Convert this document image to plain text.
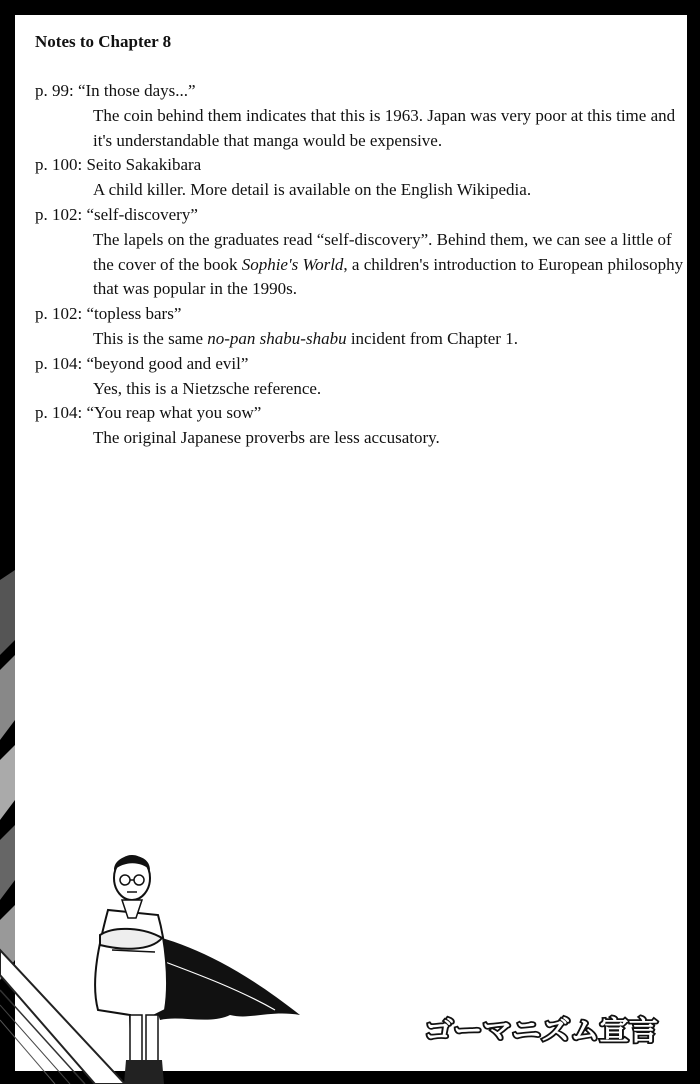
Notes to Chapter 8
p. 99: “In those days...”
The coin behind them indicates that this is 1963. Japan was very poor at this time and it's understandable that manga would be expensive.
p. 100: Seito Sakakibara
A child killer. More detail is available on the English Wikipedia.
p. 102: “self-discovery”
The lapels on the graduates read “self-discovery”. Behind them, we can see a little of the cover of the book Sophie's World, a children's introduction to European philosophy that was popular in the 1990s.
p. 102: “topless bars”
This is the same no-pan shabu-shabu incident from Chapter 1.
p. 104: “beyond good and evil”
Yes, this is a Nietzsche reference.
p. 104: “You reap what you sow”
The original Japanese proverbs are less accusatory.
ゴーマニズム宣言
